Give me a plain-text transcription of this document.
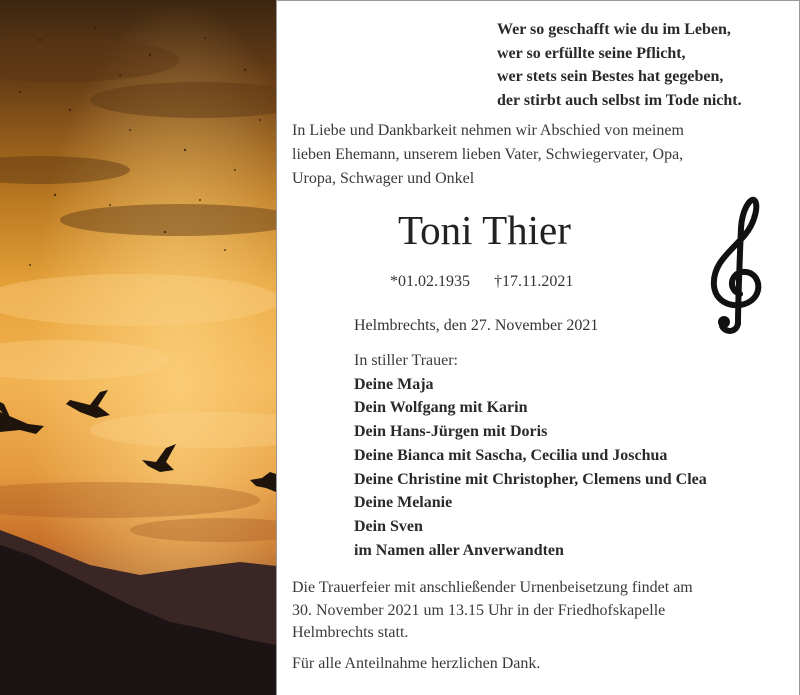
Wer so geschafft wie du im Leben,
wer so erfüllte seine Pflicht,
wer stets sein Bestes hat gegeben,
der stirbt auch selbst im Tode nicht.
In Liebe und Dankbarkeit nehmen wir Abschied von meinem
lieben Ehemann, unserem lieben Vater, Schwiegervater, Opa,
Uropa, Schwager und Onkel
Toni Thier
*01.02.1935 †17.11.2021
Helmbrechts, den 27. November 2021
In stiller Trauer:
Deine Maja
Dein Wolfgang mit Karin
Dein Hans-Jürgen mit Doris
Deine Bianca mit Sascha, Cecilia und Joschua
Deine Christine mit Christopher, Clemens und Clea
Deine Melanie
Dein Sven
im Namen aller Anverwandten
Die Trauerfeier mit anschließender Urnenbeisetzung findet am
30. November 2021 um 13.15 Uhr in der Friedhofskapelle
Helmbrechts statt.
Für alle Anteilnahme herzlichen Dank.
